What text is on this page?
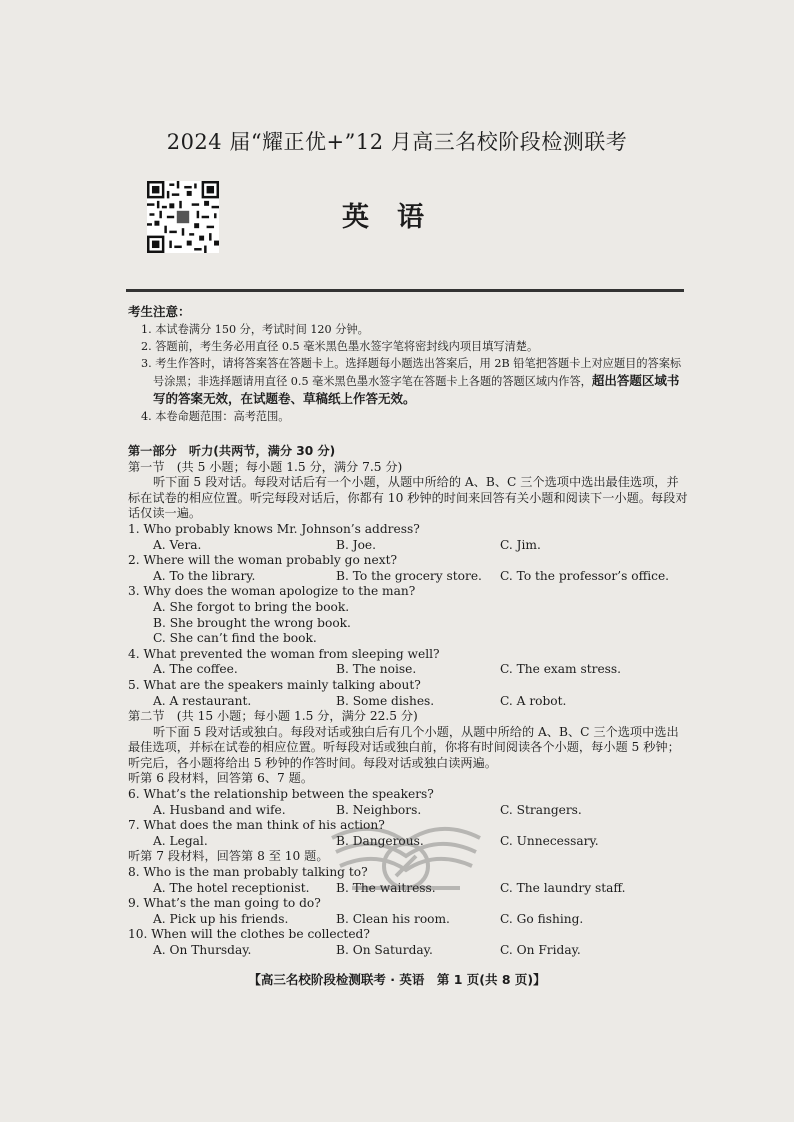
2024 届“耀正优+”12 月高三名校阶段检测联考
英语
考生注意：
1. 本试卷满分 150 分，考试时间 120 分钟。
2. 答题前，考生务必用直径 0.5 毫米黑色墨水签字笔将密封线内项目填写清楚。
3. 考生作答时，请将答案答在答题卡上。选择题每小题选出答案后，用 2B 铅笔把答题卡上对应题目的答案标号涂黑；非选择题请用直径 0.5 毫米黑色墨水签字笔在答题卡上各题的答题区域内作答，超出答题区域书写的答案无效，在试题卷、草稿纸上作答无效。
4. 本卷命题范围：高考范围。

第一部分　听力(共两节，满分 30 分)

第一节　(共 5 小题；每小题 1.5 分，满分 7.5 分)

听下面 5 段对话。每段对话后有一个小题，从题中所给的 A、B、C 三个选项中选出最佳选项，并标在试卷的相应位置。听完每段对话后，你都有 10 秒钟的时间来回答有关小题和阅读下一小题。每段对话仅读一遍。

1. Who probably knows Mr. Johnson’s address?

A. Vera.	B. Joe.	C. Jim.

2. Where will the woman probably go next?

A. To the library.	B. To the grocery store. C. To the professor’s office.

3. Why does the woman apologize to the man?

A. She forgot to bring the book.

B. She brought the wrong book.

C. She can’t find the book.

4. What prevented the woman from sleeping well?

A. The coffee.	B. The noise.	C. The exam stress.

5. What are the speakers mainly talking about?

A. A restaurant.	B. Some dishes.	C. A robot.

第二节　(共 15 小题；每小题 1.5 分，满分 22.5 分)

听下面 5 段对话或独白。每段对话或独白后有几个小题，从题中所给的 A、B、C 三个选项中选出最佳选项，并标在试卷的相应位置。听每段对话或独白前，你将有时间阅读各个小题，每小题 5 秒钟；听完后，各小题将给出 5 秒钟的作答时间。每段对话或独白读两遍。

听第 6 段材料，回答第 6、7 题。

6. What’s the relationship between the speakers?

A. Husband and wife.	B. Neighbors.	C. Strangers.

7. What does the man think of his action?

A. Legal.	B. Dangerous.	C. Unnecessary.

听第 7 段材料，回答第 8 至 10 题。

8. Who is the man probably talking to?

A. The hotel receptionist. B. The waitress.	C. The laundry staff.

9. What’s the man going to do?

A. Pick up his friends.	B. Clean his room.	C. Go fishing.

10. When will the clothes be collected?

A. On Thursday.	B. On Saturday.	C. On Friday.
【高三名校阶段检测联考 · 英语　第 1 页(共 8 页)】
